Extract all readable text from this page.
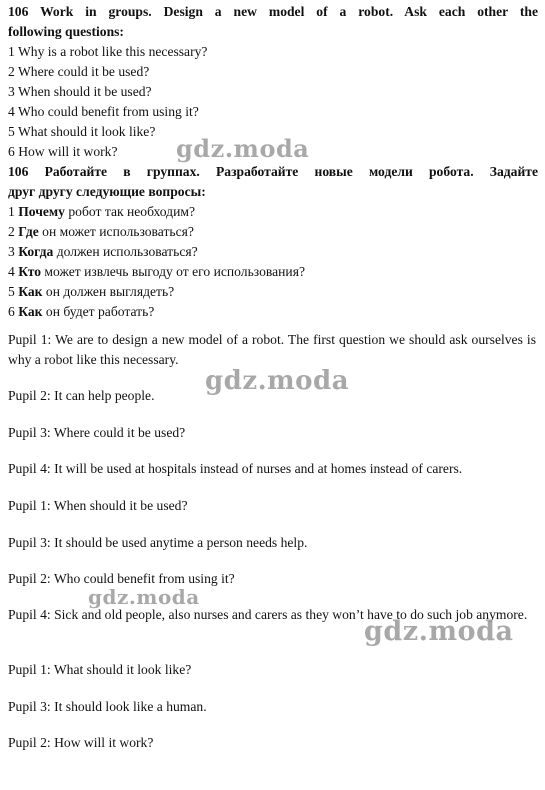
106 Work in groups. Design a new model of a robot. Ask each other the
following questions:
1 Why is a robot like this necessary?
2 Where could it be used?
3 When should it be used?
4 Who could benefit from using it?
5 What should it look like?
6 How will it work?
106 Работайте в группах. Разработайте новые модели робота. Задайте
друг другу следующие вопросы:
1 Почему робот так необходим?
2 Где он может использоваться?
3 Когда должен использоваться?
4 Кто может извлечь выгоду от его использования?
5 Как он должен выглядеть?
6 Как он будет работать?
Pupil 1: We are to design a new model of a robot. The first question we should ask ourselves is why a robot like this necessary.
Pupil 2: It can help people.
Pupil 3: Where could it be used?
Pupil 4: It will be used at hospitals instead of nurses and at homes instead of carers.
Pupil 1: When should it be used?
Pupil 3: It should be used anytime a person needs help.
Pupil 2: Who could benefit from using it?
Pupil 4: Sick and old people, also nurses and carers as they won’t have to do such job anymore.
Pupil 1: What should it look like?
Pupil 3: It should look like a human.
Pupil 2: How will it work?
gdz.moda
gdz.moda
gdz.moda
gdz.moda
